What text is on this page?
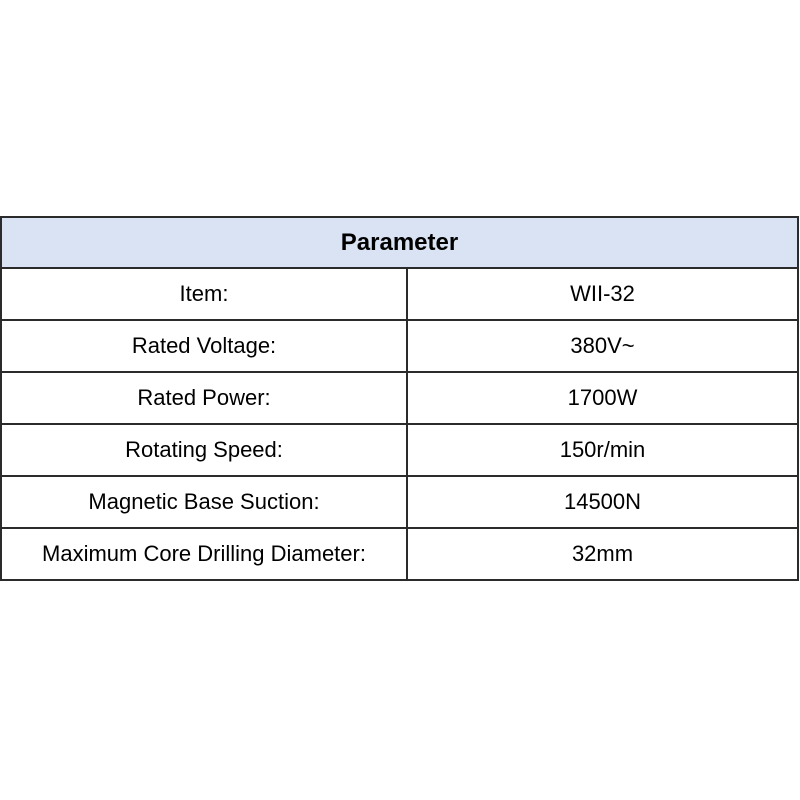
Parameter	
Item:	WII-32
Rated Voltage:	380V~
Rated Power:	1700W
Rotating Speed:	150r/min
Magnetic Base Suction:	14500N
Maximum Core Drilling Diameter:	32mm
